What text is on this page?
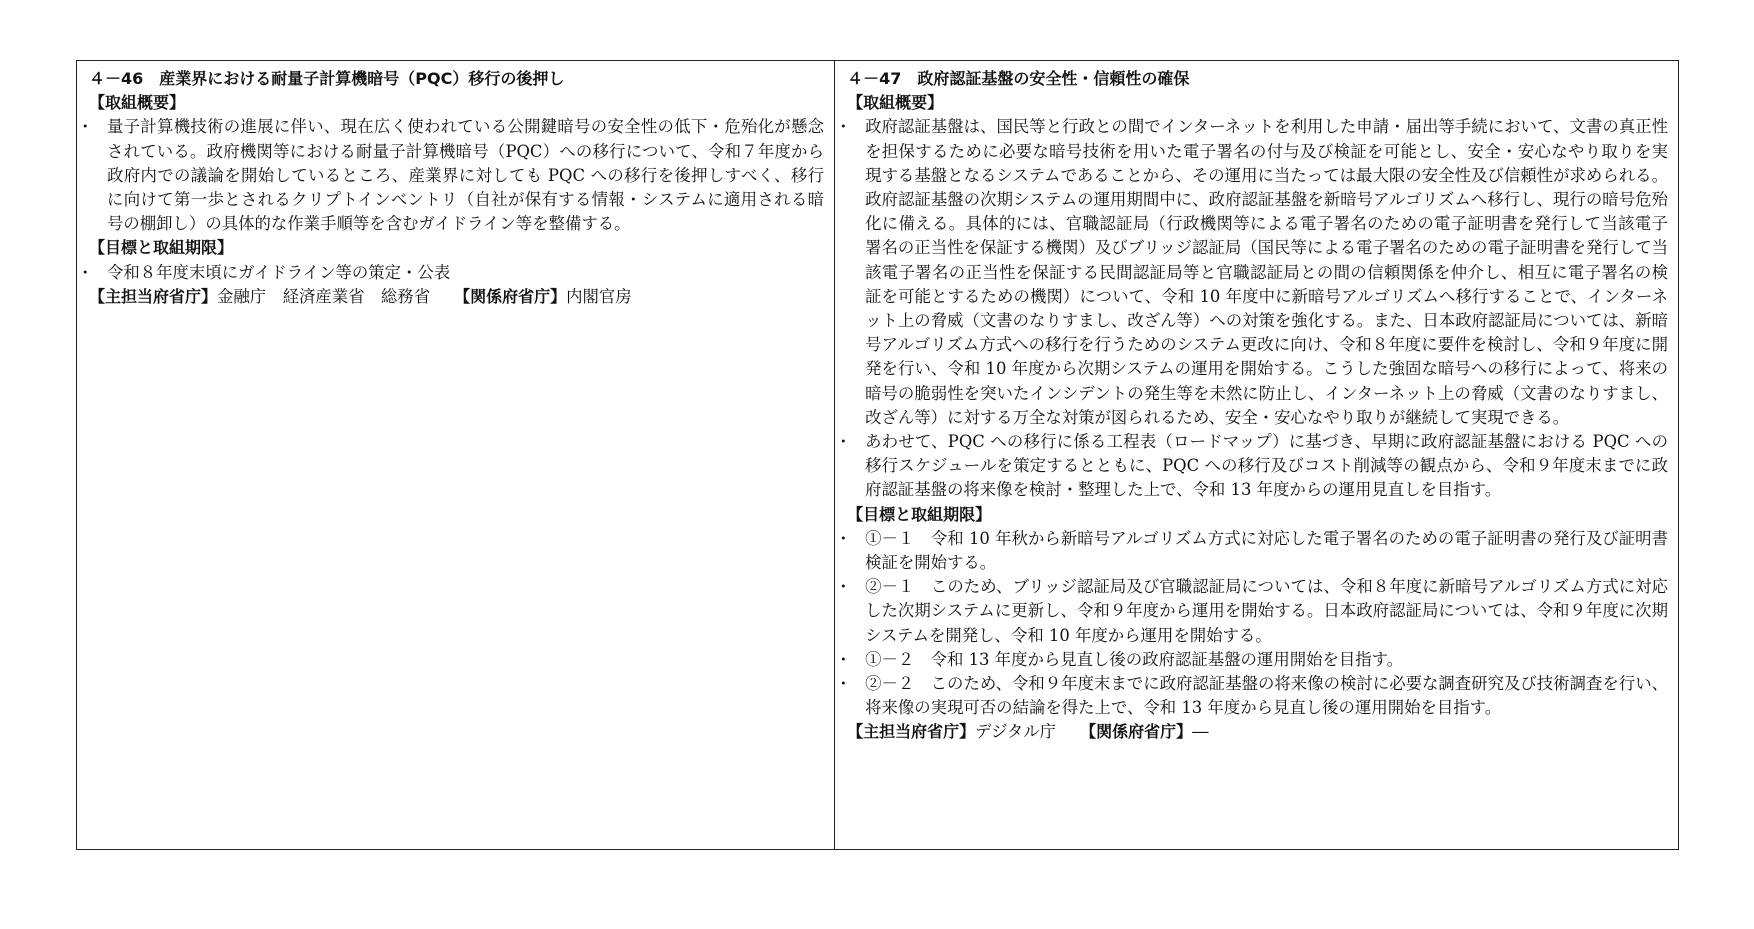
４－46　産業界における耐量子計算機暗号（PQC）移行の後押し
【取組概要】
・ 量子計算機技術の進展に伴い、現在広く使われている公開鍵暗号の安全性の低下・危殆化が懸念されている。政府機関等における耐量子計算機暗号（PQC）への移行について、令和７年度から政府内での議論を開始しているところ、産業界に対しても PQC への移行を後押しすべく、移行に向けて第一歩とされるクリプトインベントリ（自社が保有する情報・システムに適用される暗号の棚卸し）の具体的な作業手順等を含むガイドライン等を整備する。
【目標と取組期限】
・ 令和８年度末頃にガイドライン等の策定・公表
【主担当府省庁】金融庁　経済産業省　総務省 【関係府省庁】内閣官房
４－47　政府認証基盤の安全性・信頼性の確保
【取組概要】
・ 政府認証基盤は、国民等と行政との間でインターネットを利用した申請・届出等手続において、文書の真正性を担保するために必要な暗号技術を用いた電子署名の付与及び検証を可能とし、安全・安心なやり取りを実現する基盤となるシステムであることから、その運用に当たっては最大限の安全性及び信頼性が求められる。政府認証基盤の次期システムの運用期間中に、政府認証基盤を新暗号アルゴリズムへ移行し、現行の暗号危殆化に備える。具体的には、官職認証局（行政機関等による電子署名のための電子証明書を発行して当該電子署名の正当性を保証する機関）及びブリッジ認証局（国民等による電子署名のための電子証明書を発行して当該電子署名の正当性を保証する民間認証局等と官職認証局との間の信頼関係を仲介し、相互に電子署名の検証を可能とするための機関）について、令和 10 年度中に新暗号アルゴリズムへ移行することで、インターネット上の脅威（文書のなりすまし、改ざん等）への対策を強化する。また、日本政府認証局については、新暗号アルゴリズム方式への移行を行うためのシステム更改に向け、令和８年度に要件を検討し、令和９年度に開発を行い、令和 10 年度から次期システムの運用を開始する。こうした強固な暗号への移行によって、将来の暗号の脆弱性を突いたインシデントの発生等を未然に防止し、インターネット上の脅威（文書のなりすまし、改ざん等）に対する万全な対策が図られるため、安全・安心なやり取りが継続して実現できる。
・ あわせて、PQC への移行に係る工程表（ロードマップ）に基づき、早期に政府認証基盤における PQC への移行スケジュールを策定するとともに、PQC への移行及びコスト削減等の観点から、令和９年度末までに政府認証基盤の将来像を検討・整理した上で、令和 13 年度からの運用見直しを目指す。
【目標と取組期限】
・ ①－１　令和 10 年秋から新暗号アルゴリズム方式に対応した電子署名のための電子証明書の発行及び証明書検証を開始する。
・ ②－１　このため、ブリッジ認証局及び官職認証局については、令和８年度に新暗号アルゴリズム方式に対応した次期システムに更新し、令和９年度から運用を開始する。日本政府認証局については、令和９年度に次期システムを開発し、令和 10 年度から運用を開始する。
・ ①－２　令和 13 年度から見直し後の政府認証基盤の運用開始を目指す。
・ ②－２　このため、令和９年度末までに政府認証基盤の将来像の検討に必要な調査研究及び技術調査を行い、将来像の実現可否の結論を得た上で、令和 13 年度から見直し後の運用開始を目指す。
【主担当府省庁】デジタル庁 【関係府省庁】―
